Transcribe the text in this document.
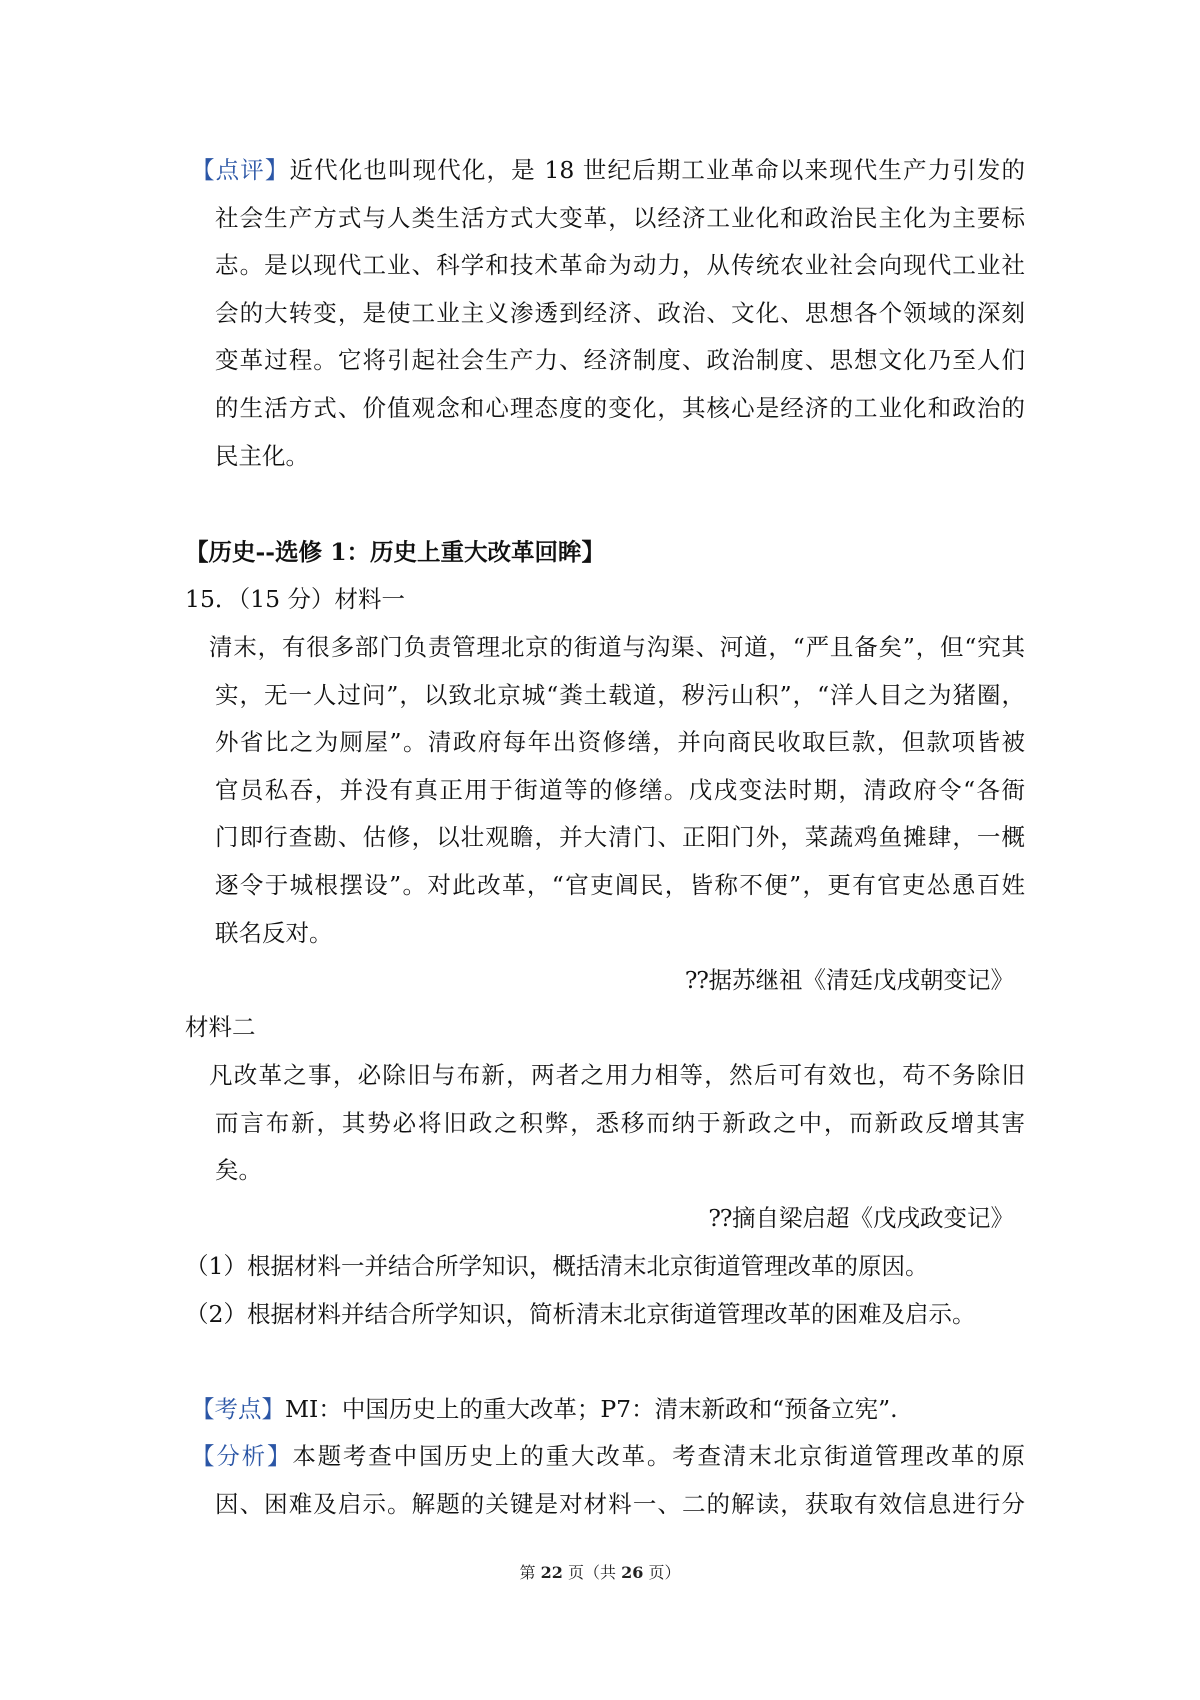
【点评】近代化也叫现代化，是 18 世纪后期工业革命以来现代生产力引发的
社会生产方式与人类生活方式大变革，以经济工业化和政治民主化为主要标
志。是以现代工业、科学和技术革命为动力，从传统农业社会向现代工业社
会的大转变，是使工业主义渗透到经济、政治、文化、思想各个领域的深刻
变革过程。它将引起社会生产力、经济制度、政治制度、思想文化乃至人们
的生活方式、价值观念和心理态度的变化，其核心是经济的工业化和政治的
民主化。
【历史--选修 1：历史上重大改革回眸】
15．（15 分）材料一
清末，有很多部门负责管理北京的街道与沟渠、河道，“严且备矣”，但“究其
实，无一人过问”，以致北京城“粪土载道，秽污山积”，“洋人目之为猪圈，
外省比之为厕屋”。清政府每年出资修缮，并向商民收取巨款，但款项皆被
官员私吞，并没有真正用于街道等的修缮。戊戌变法时期，清政府令“各衙
门即行查勘、估修，以壮观瞻，并大清门、正阳门外，菜蔬鸡鱼摊肆，一概
逐令于城根摆设”。对此改革，“官吏阊民，皆称不便”，更有官吏怂恿百姓
联名反对。
⁇据苏继祖《清廷戊戌朝变记》
材料二
凡改革之事，必除旧与布新，两者之用力相等，然后可有效也，苟不务除旧
而言布新，其势必将旧政之积弊，悉移而纳于新政之中，而新政反增其害
矣。
⁇摘自梁启超《戊戌政变记》
（1）根据材料一并结合所学知识，概括清末北京街道管理改革的原因。
（2）根据材料并结合所学知识，简析清末北京街道管理改革的困难及启示。
【考点】MI：中国历史上的重大改革；P7：清末新政和“预备立宪”.
【分析】本题考查中国历史上的重大改革。考查清末北京街道管理改革的原
因、困难及启示。解题的关键是对材料一、二的解读，获取有效信息进行分
第 22 页（共 26 页）
